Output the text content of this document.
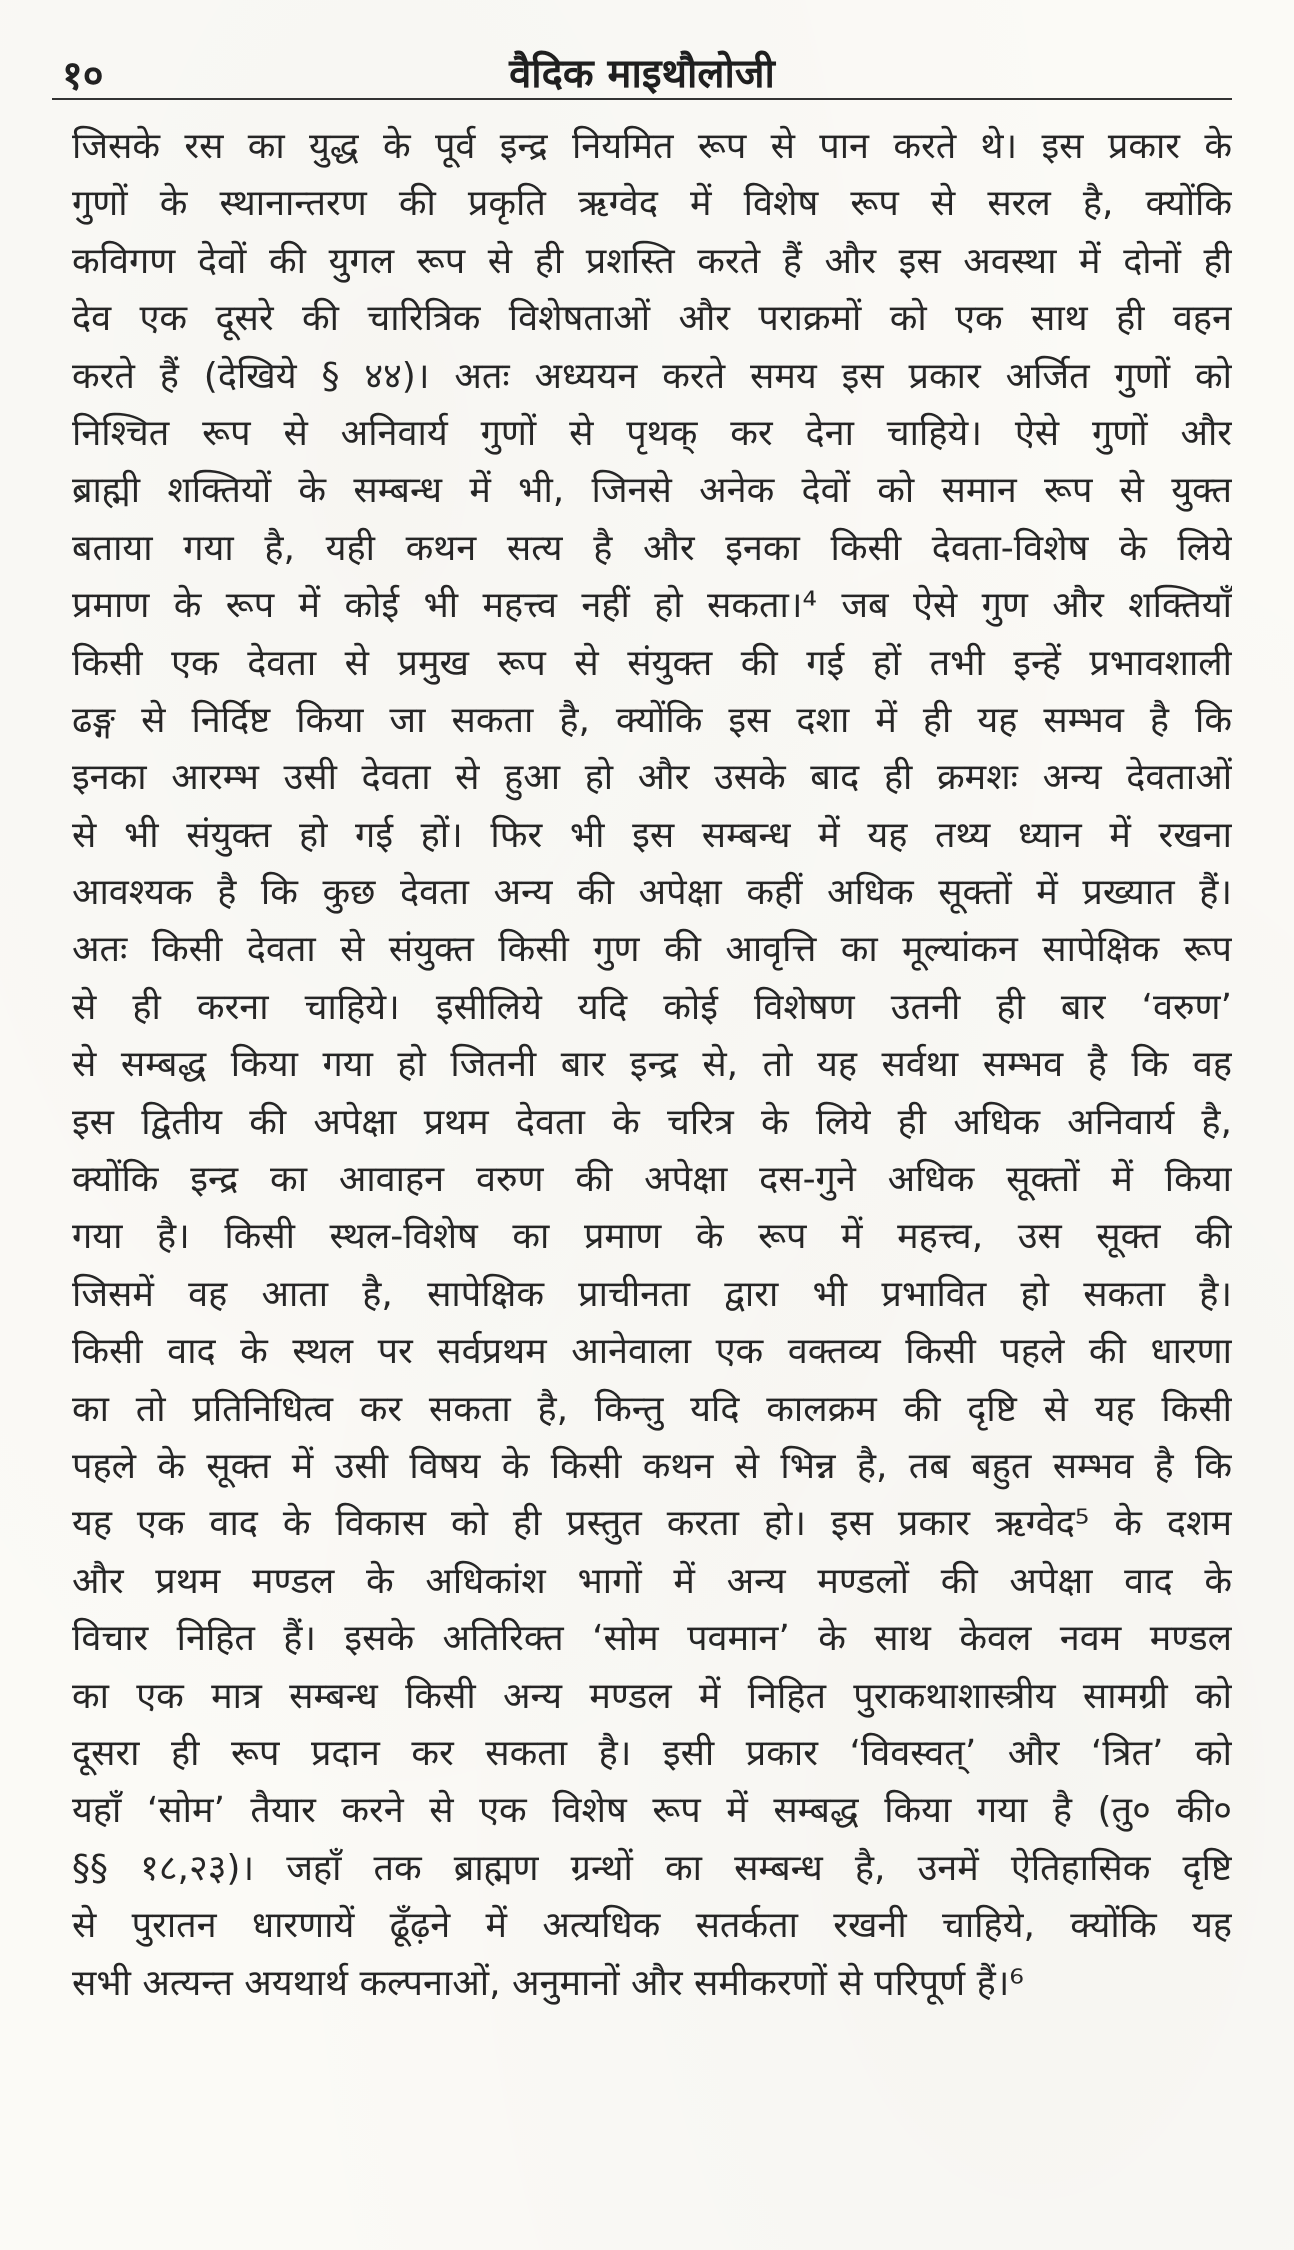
१०	वैदिक माइथौलोजी
जिसके रस का युद्ध के पूर्व इन्द्र नियमित रूप से पान करते थे। इस प्रकार के
गुणों के स्थानान्तरण की प्रकृति ऋग्वेद में विशेष रूप से सरल है, क्योंकि
कविगण देवों की युगल रूप से ही प्रशस्ति करते हैं और इस अवस्था में दोनों ही
देव एक दूसरे की चारित्रिक विशेषताओं और पराक्रमों को एक साथ ही वहन
करते हैं (देखिये § ४४)। अतः अध्ययन करते समय इस प्रकार अर्जित गुणों को
निश्चित रूप से अनिवार्य गुणों से पृथक् कर देना चाहिये। ऐसे गुणों और
ब्राह्मी शक्तियों के सम्बन्ध में भी, जिनसे अनेक देवों को समान रूप से युक्त
बताया गया है, यही कथन सत्य है और इनका किसी देवता-विशेष के लिये
प्रमाण के रूप में कोई भी महत्त्व नहीं हो सकता।⁴ जब ऐसे गुण और शक्तियाँ
किसी एक देवता से प्रमुख रूप से संयुक्त की गई हों तभी इन्हें प्रभावशाली
ढङ्ग से निर्दिष्ट किया जा सकता है, क्योंकि इस दशा में ही यह सम्भव है कि
इनका आरम्भ उसी देवता से हुआ हो और उसके बाद ही क्रमशः अन्य देवताओं
से भी संयुक्त हो गई हों। फिर भी इस सम्बन्ध में यह तथ्य ध्यान में रखना
आवश्यक है कि कुछ देवता अन्य की अपेक्षा कहीं अधिक सूक्तों में प्रख्यात हैं।
अतः किसी देवता से संयुक्त किसी गुण की आवृत्ति का मूल्यांकन सापेक्षिक रूप
से ही करना चाहिये। इसीलिये यदि कोई विशेषण उतनी ही बार ‘वरुण’
से सम्बद्ध किया गया हो जितनी बार इन्द्र से, तो यह सर्वथा सम्भव है कि वह
इस द्वितीय की अपेक्षा प्रथम देवता के चरित्र के लिये ही अधिक अनिवार्य है,
क्योंकि इन्द्र का आवाहन वरुण की अपेक्षा दस-गुने अधिक सूक्तों में किया
गया है। किसी स्थल-विशेष का प्रमाण के रूप में महत्त्व, उस सूक्त की
जिसमें वह आता है, सापेक्षिक प्राचीनता द्वारा भी प्रभावित हो सकता है।
किसी वाद के स्थल पर सर्वप्रथम आनेवाला एक वक्तव्य किसी पहले की धारणा
का तो प्रतिनिधित्व कर सकता है, किन्तु यदि कालक्रम की दृष्टि से यह किसी
पहले के सूक्त में उसी विषय के किसी कथन से भिन्न है, तब बहुत सम्भव है कि
यह एक वाद के विकास को ही प्रस्तुत करता हो। इस प्रकार ऋग्वेद⁵ के दशम
और प्रथम मण्डल के अधिकांश भागों में अन्य मण्डलों की अपेक्षा वाद के
विचार निहित हैं। इसके अतिरिक्त ‘सोम पवमान’ के साथ केवल नवम मण्डल
का एक मात्र सम्बन्ध किसी अन्य मण्डल में निहित पुराकथाशास्त्रीय सामग्री को
दूसरा ही रूप प्रदान कर सकता है। इसी प्रकार ‘विवस्वत्’ और ‘त्रित’ को
यहाँ ‘सोम’ तैयार करने से एक विशेष रूप में सम्बद्ध किया गया है (तु० की०
§§ १८,२३)। जहाँ तक ब्राह्मण ग्रन्थों का सम्बन्ध है, उनमें ऐतिहासिक दृष्टि
से पुरातन धारणायें ढूँढ़ने में अत्यधिक सतर्कता रखनी चाहिये, क्योंकि यह
सभी अत्यन्त अयथार्थ कल्पनाओं, अनुमानों और समीकरणों से परिपूर्ण हैं।⁶
